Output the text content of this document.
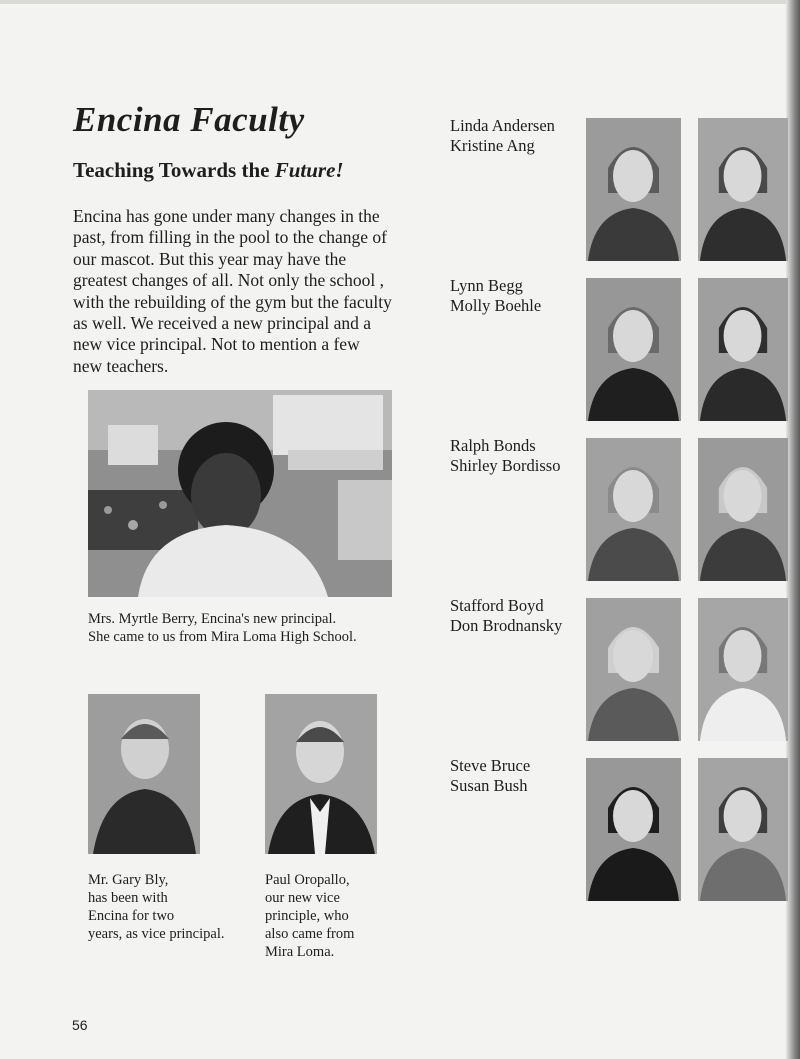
Encina Faculty
Teaching Towards the Future!

Encina has gone under many changes in the past, from filling in the pool to the change of our mascot. But this year may have the greatest changes of all. Not only the school , with the rebuilding of the gym but the faculty as well. We received a new principal and a new vice principal. Not to mention a few new teachers.

Mrs. Myrtle Berry, Encina's new principal.
She came to us from Mira Loma High School.
Mr. Gary Bly,
has been with
Encina for two
years, as vice principal.
Paul Oropallo,
our new vice
principle, who
also came from
Mira Loma.
Linda Andersen
Kristine Ang
Lynn Begg
Molly Boehle
Ralph Bonds
Shirley Bordisso
Stafford Boyd
Don Brodnansky
Steve Bruce
Susan Bush
56
